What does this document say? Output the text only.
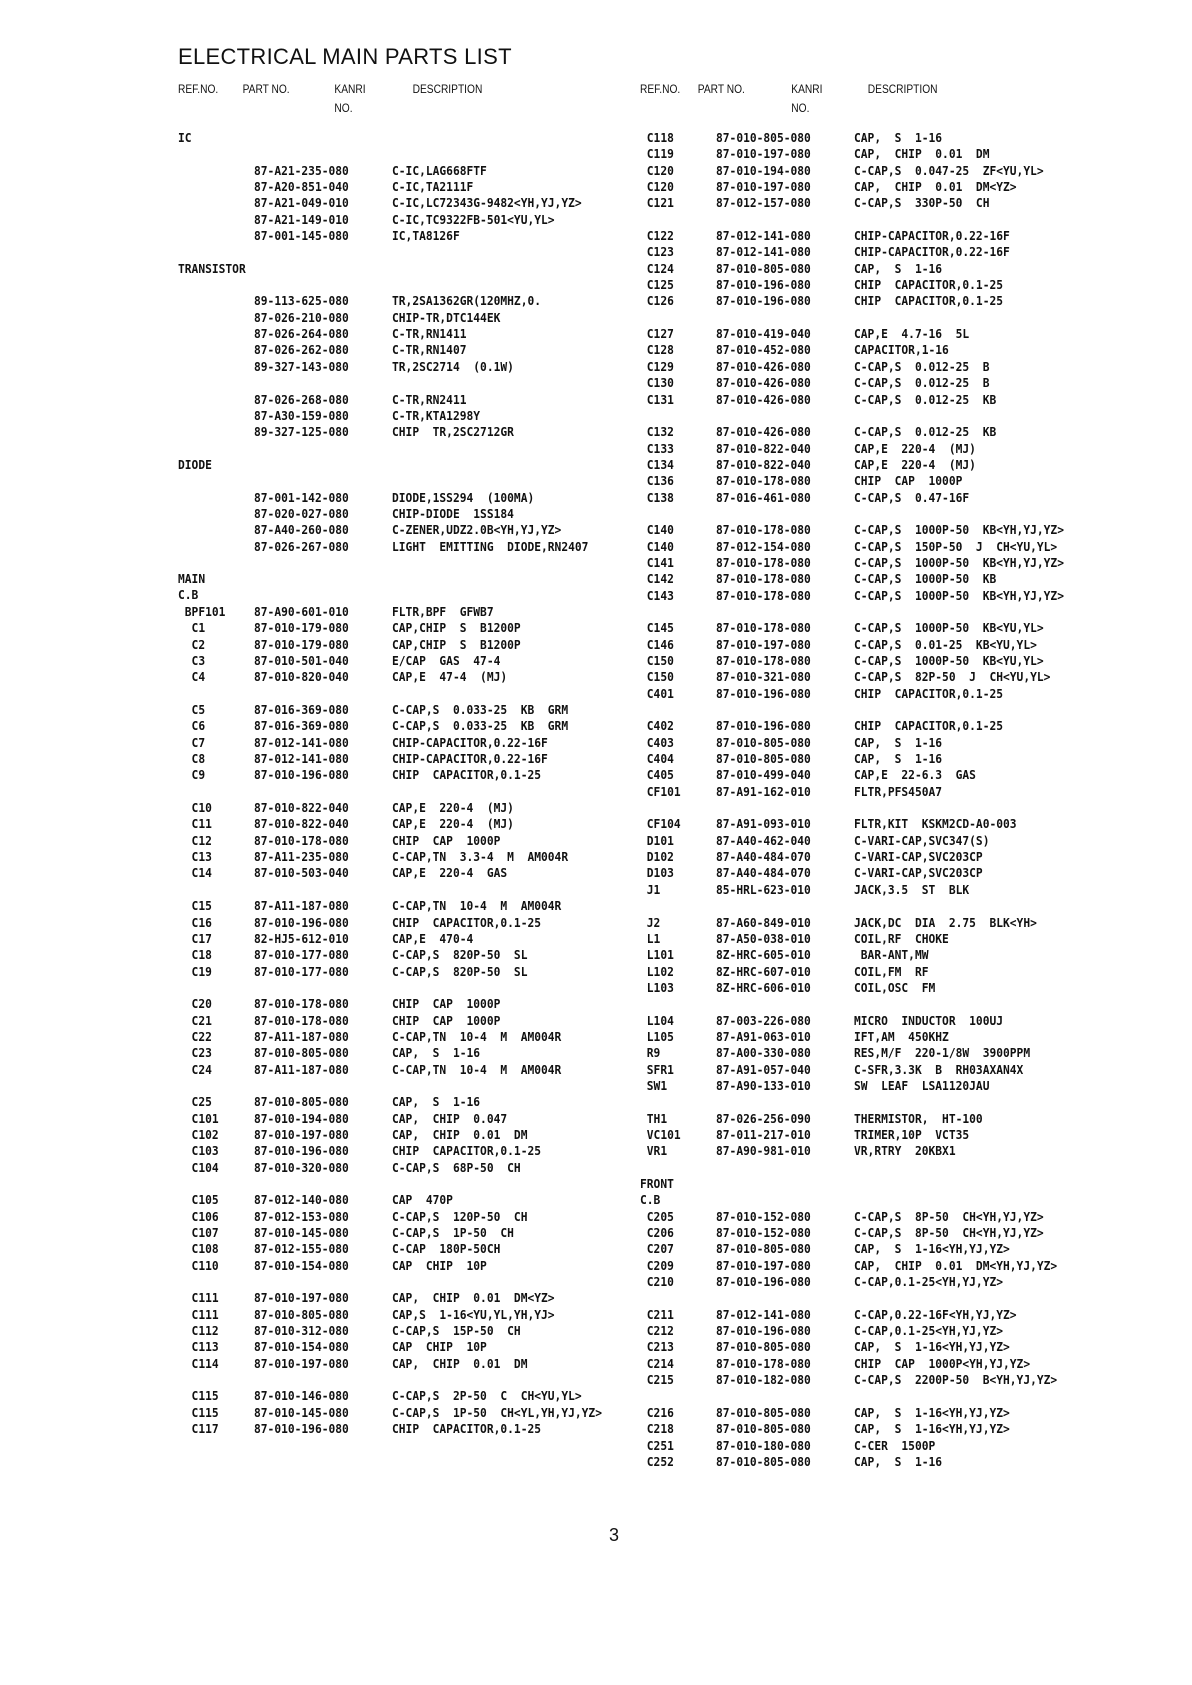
ELECTRICAL MAIN PARTS LIST
REF.NO. PART NO.	KANRI
NO.
DESCRIPTION	REF.NO. PART NO.	KANRI
NO.
DESCRIPTION
IC
87-A21-235-080	C-IC,LAG668FTF
87-A20-851-040	C-IC,TA2111F
87-A21-049-010	C-IC,LC72343G-9482<YH,YJ,YZ>
87-A21-149-010	C-IC,TC9322FB-501<YU,YL>
87-001-145-080	IC,TA8126F
TRANSISTOR
89-113-625-080	TR,2SA1362GR(120MHZ,0.
87-026-210-080	CHIP-TR,DTC144EK
87-026-264-080	C-TR,RN1411
87-026-262-080	C-TR,RN1407
89-327-143-080	TR,2SC2714  (0.1W)
87-026-268-080	C-TR,RN2411
87-A30-159-080	C-TR,KTA1298Y
89-327-125-080	CHIP  TR,2SC2712GR
DIODE
87-001-142-080	DIODE,1SS294  (100MA)
87-020-027-080	CHIP-DIODE  1SS184
87-A40-260-080	C-ZENER,UDZ2.0B<YH,YJ,YZ>
87-026-267-080	LIGHT  EMITTING  DIODE,RN2407
MAIN C.B
BPF101 87-A90-601-010	FLTR,BPF  GFWB7
C1	87-010-179-080	CAP,CHIP  S  B1200P
C2	87-010-179-080	CAP,CHIP  S  B1200P
C3	87-010-501-040	E/CAP  GAS  47-4
C4	87-010-820-040	CAP,E  47-4  (MJ)
C5	87-016-369-080	C-CAP,S  0.033-25  KB  GRM
C6	87-016-369-080	C-CAP,S  0.033-25  KB  GRM
C7	87-012-141-080	CHIP-CAPACITOR,0.22-16F
C8	87-012-141-080	CHIP-CAPACITOR,0.22-16F
C9	87-010-196-080	CHIP  CAPACITOR,0.1-25
C10	87-010-822-040	CAP,E  220-4  (MJ)
C11	87-010-822-040	CAP,E  220-4  (MJ)
C12	87-010-178-080	CHIP  CAP  1000P
C13	87-A11-235-080	C-CAP,TN  3.3-4  M  AM004R
C14	87-010-503-040	CAP,E  220-4  GAS
C15	87-A11-187-080	C-CAP,TN  10-4  M  AM004R
C16	87-010-196-080	CHIP  CAPACITOR,0.1-25
C17	82-HJ5-612-010	CAP,E  470-4
C18	87-010-177-080	C-CAP,S  820P-50  SL
C19	87-010-177-080	C-CAP,S  820P-50  SL
C20	87-010-178-080	CHIP  CAP  1000P
C21	87-010-178-080	CHIP  CAP  1000P
C22	87-A11-187-080	C-CAP,TN  10-4  M  AM004R
C23	87-010-805-080	CAP,  S  1-16
C24	87-A11-187-080	C-CAP,TN  10-4  M  AM004R
C25	87-010-805-080	CAP,  S  1-16
C101	87-010-194-080	CAP,  CHIP  0.047
C102	87-010-197-080	CAP,  CHIP  0.01  DM
C103	87-010-196-080	CHIP  CAPACITOR,0.1-25
C104	87-010-320-080	C-CAP,S  68P-50  CH
C105	87-012-140-080	CAP  470P
C106	87-012-153-080	C-CAP,S  120P-50  CH
C107	87-010-145-080	C-CAP,S  1P-50  CH
C108	87-012-155-080	C-CAP  180P-50CH
C110	87-010-154-080	CAP  CHIP  10P
C111	87-010-197-080	CAP,  CHIP  0.01  DM<YZ>
C111	87-010-805-080	CAP,S  1-16<YU,YL,YH,YJ>
C112	87-010-312-080	C-CAP,S  15P-50  CH
C113	87-010-154-080	CAP  CHIP  10P
C114	87-010-197-080	CAP,  CHIP  0.01  DM
C115	87-010-146-080	C-CAP,S  2P-50  C  CH<YU,YL>
C115	87-010-145-080	C-CAP,S  1P-50  CH<YL,YH,YJ,YZ>
C117	87-010-196-080	CHIP  CAPACITOR,0.1-25
C118	87-010-805-080	CAP,  S  1-16
C119	87-010-197-080	CAP,  CHIP  0.01  DM
C120	87-010-194-080	C-CAP,S  0.047-25  ZF<YU,YL>
C120	87-010-197-080	CAP,  CHIP  0.01  DM<YZ>
C121	87-012-157-080	C-CAP,S  330P-50  CH
C122	87-012-141-080	CHIP-CAPACITOR,0.22-16F
C123	87-012-141-080	CHIP-CAPACITOR,0.22-16F
C124	87-010-805-080	CAP,  S  1-16
C125	87-010-196-080	CHIP  CAPACITOR,0.1-25
C126	87-010-196-080	CHIP  CAPACITOR,0.1-25
C127	87-010-419-040	CAP,E  4.7-16  5L
C128	87-010-452-080	CAPACITOR,1-16
C129	87-010-426-080	C-CAP,S  0.012-25  B
C130	87-010-426-080	C-CAP,S  0.012-25  B
C131	87-010-426-080	C-CAP,S  0.012-25  KB
C132	87-010-426-080	C-CAP,S  0.012-25  KB
C133	87-010-822-040	CAP,E  220-4  (MJ)
C134	87-010-822-040	CAP,E  220-4  (MJ)
C136	87-010-178-080	CHIP  CAP  1000P
C138	87-016-461-080	C-CAP,S  0.47-16F
C140	87-010-178-080	C-CAP,S  1000P-50  KB<YH,YJ,YZ>
C140	87-012-154-080	C-CAP,S  150P-50  J  CH<YU,YL>
C141	87-010-178-080	C-CAP,S  1000P-50  KB<YH,YJ,YZ>
C142	87-010-178-080	C-CAP,S  1000P-50  KB
C143	87-010-178-080	C-CAP,S  1000P-50  KB<YH,YJ,YZ>
C145	87-010-178-080	C-CAP,S  1000P-50  KB<YU,YL>
C146	87-010-197-080	C-CAP,S  0.01-25  KB<YU,YL>
C150	87-010-178-080	C-CAP,S  1000P-50  KB<YU,YL>
C150	87-010-321-080	C-CAP,S  82P-50  J  CH<YU,YL>
C401	87-010-196-080	CHIP  CAPACITOR,0.1-25
C402	87-010-196-080	CHIP  CAPACITOR,0.1-25
C403	87-010-805-080	CAP,  S  1-16
C404	87-010-805-080	CAP,  S  1-16
C405	87-010-499-040	CAP,E  22-6.3  GAS
CF101	87-A91-162-010	FLTR,PFS450A7
CF104	87-A91-093-010	FLTR,KIT  KSKM2CD-A0-003
D101	87-A40-462-040	C-VARI-CAP,SVC347(S)
D102	87-A40-484-070	C-VARI-CAP,SVC203CP
D103	87-A40-484-070	C-VARI-CAP,SVC203CP
J1	85-HRL-623-010	JACK,3.5  ST  BLK
J2	87-A60-849-010	JACK,DC  DIA  2.75  BLK<YH>
L1	87-A50-038-010	COIL,RF  CHOKE
L101	8Z-HRC-605-010	BAR-ANT,MW
L102	8Z-HRC-607-010	COIL,FM  RF
L103	8Z-HRC-606-010	COIL,OSC  FM
L104	87-003-226-080	MICRO  INDUCTOR  100UJ
L105	87-A91-063-010	IFT,AM  450KHZ
R9	87-A00-330-080	RES,M/F  220-1/8W  3900PPM
SFR1	87-A91-057-040	C-SFR,3.3K  B  RH03AXAN4X
SW1	87-A90-133-010	SW  LEAF  LSA1120JAU
TH1	87-026-256-090	THERMISTOR,  HT-100
VC101	87-011-217-010	TRIMER,10P  VCT35
VR1	87-A90-981-010	VR,RTRY  20KBX1
FRONT C.B
C205	87-010-152-080	C-CAP,S  8P-50  CH<YH,YJ,YZ>
C206	87-010-152-080	C-CAP,S  8P-50  CH<YH,YJ,YZ>
C207	87-010-805-080	CAP,  S  1-16<YH,YJ,YZ>
C209	87-010-197-080	CAP,  CHIP  0.01  DM<YH,YJ,YZ>
C210	87-010-196-080	C-CAP,0.1-25<YH,YJ,YZ>
C211	87-012-141-080	C-CAP,0.22-16F<YH,YJ,YZ>
C212	87-010-196-080	C-CAP,0.1-25<YH,YJ,YZ>
C213	87-010-805-080	CAP,  S  1-16<YH,YJ,YZ>
C214	87-010-178-080	CHIP  CAP  1000P<YH,YJ,YZ>
C215	87-010-182-080	C-CAP,S  2200P-50  B<YH,YJ,YZ>
C216	87-010-805-080	CAP,  S  1-16<YH,YJ,YZ>
C218	87-010-805-080	CAP,  S  1-16<YH,YJ,YZ>
C251	87-010-180-080	C-CER  1500P
C252	87-010-805-080	CAP,  S  1-16
3
